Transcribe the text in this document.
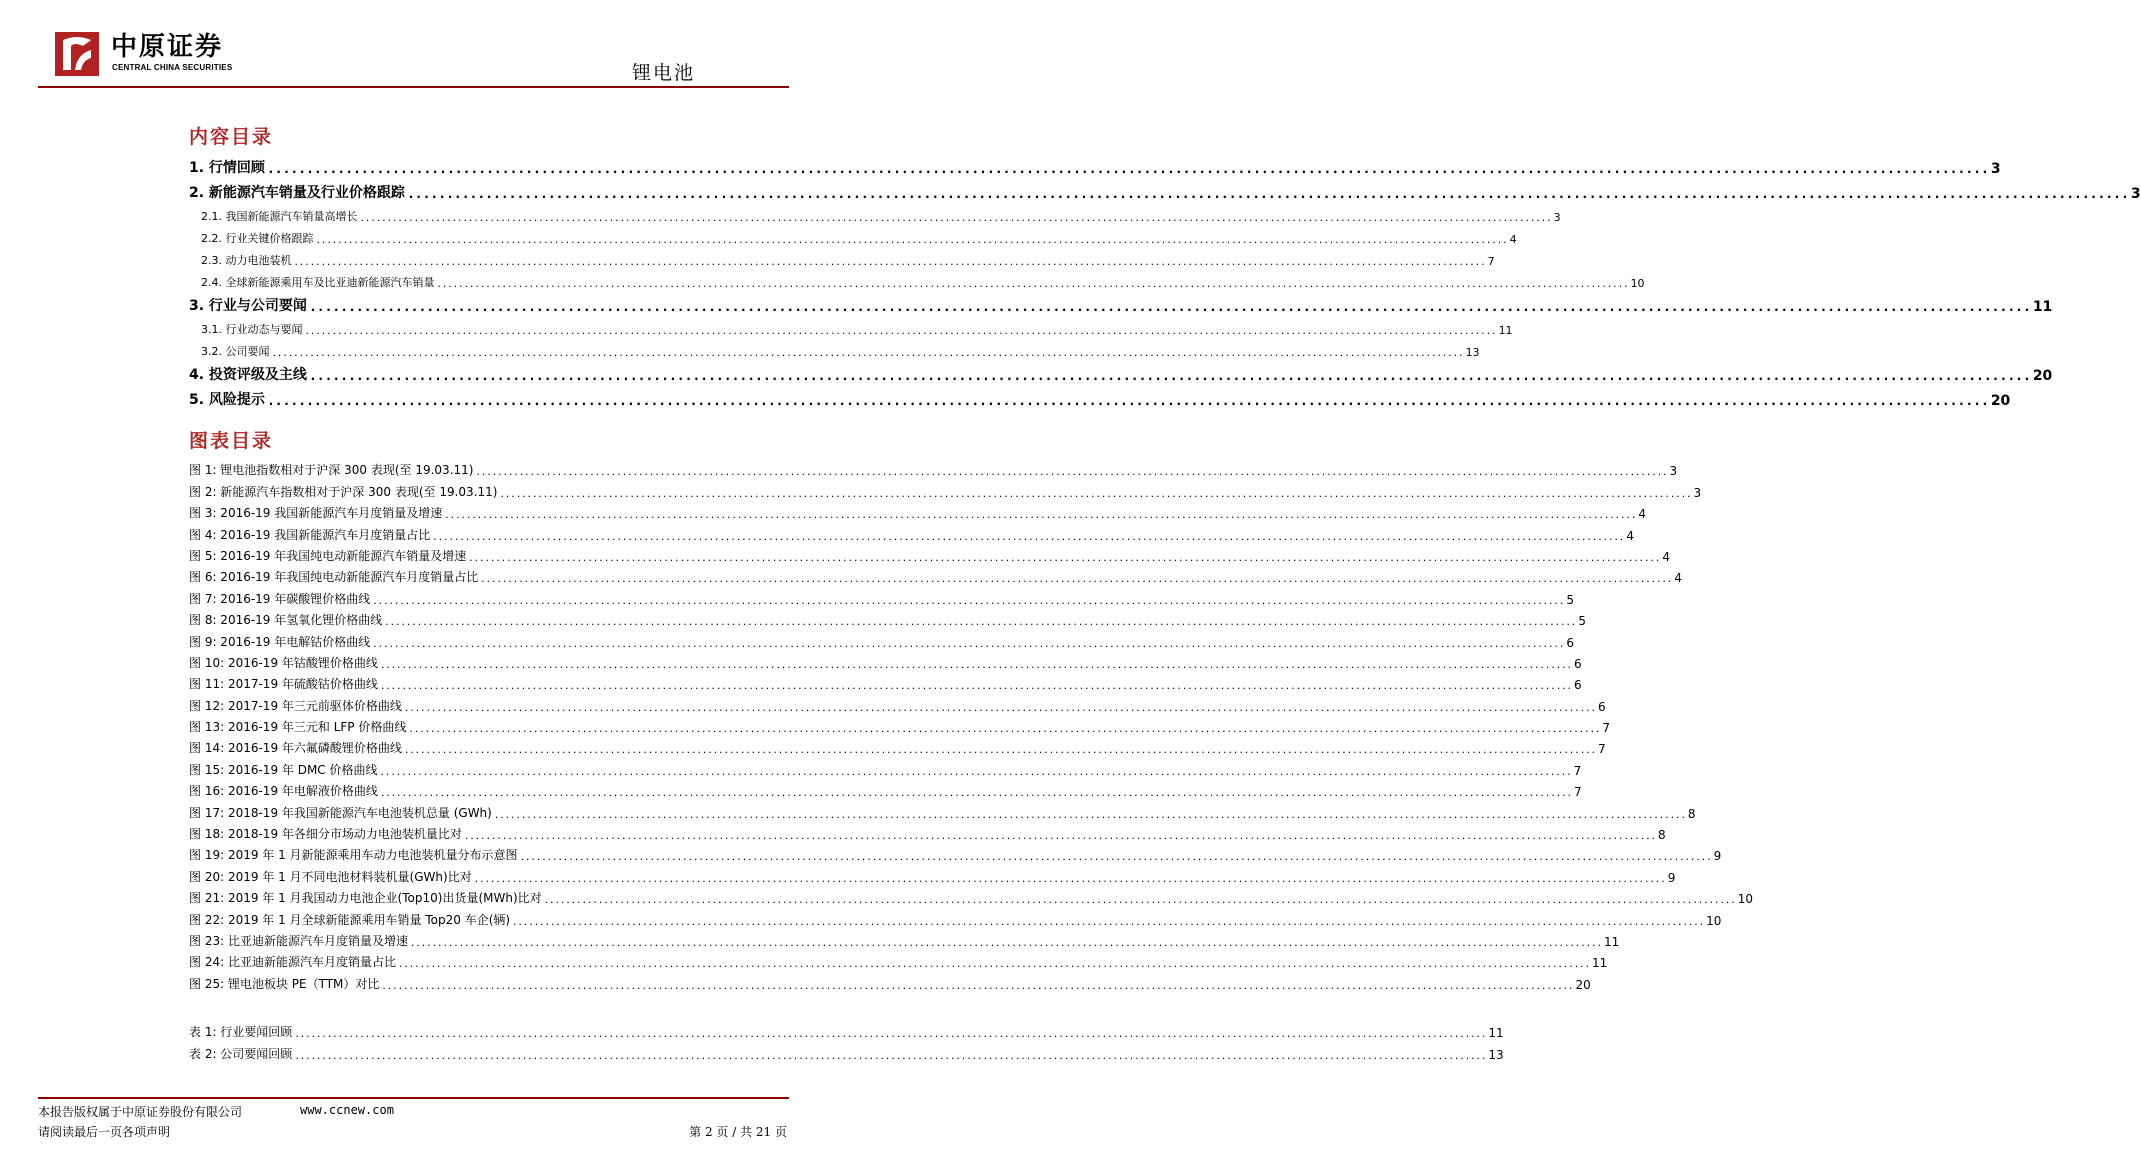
中原证券
CENTRAL CHINA SECURITIES	锂电池
内容目录
1. 行情回顾 ............................................................................................................................................................................................................................ 3
2. 新能源汽车销量及行业价格跟踪 ............................................................................................................................................................................................................................ 3
2.1. 我国新能源汽车销量高增长 ............................................................................................................................................................................................................................ 3
2.2. 行业关键价格跟踪 ............................................................................................................................................................................................................................ 4
2.3. 动力电池装机 ............................................................................................................................................................................................................................ 7
2.4. 全球新能源乘用车及比亚迪新能源汽车销量 ............................................................................................................................................................................................................................ 10
3. 行业与公司要闻 ............................................................................................................................................................................................................................ 11
3.1. 行业动态与要闻 ............................................................................................................................................................................................................................ 11
3.2. 公司要闻 ............................................................................................................................................................................................................................ 13
4. 投资评级及主线 ............................................................................................................................................................................................................................ 20
5. 风险提示 ............................................................................................................................................................................................................................ 20
图表目录
图 1: 锂电池指数相对于沪深 300 表现(至 19.03.11) ............................................................................................................................................................................................................................ 3
图 2: 新能源汽车指数相对于沪深 300 表现(至 19.03.11) ............................................................................................................................................................................................................................ 3
图 3: 2016-19 我国新能源汽车月度销量及增速 ............................................................................................................................................................................................................................ 4
图 4: 2016-19 我国新能源汽车月度销量占比 ............................................................................................................................................................................................................................ 4
图 5: 2016-19 年我国纯电动新能源汽车销量及增速 ............................................................................................................................................................................................................................ 4
图 6: 2016-19 年我国纯电动新能源汽车月度销量占比 ............................................................................................................................................................................................................................ 4
图 7: 2016-19 年碳酸锂价格曲线 ............................................................................................................................................................................................................................ 5
图 8: 2016-19 年氢氧化锂价格曲线 ............................................................................................................................................................................................................................ 5
图 9: 2016-19 年电解钴价格曲线 ............................................................................................................................................................................................................................ 6
图 10: 2016-19 年钴酸锂价格曲线 ............................................................................................................................................................................................................................ 6
图 11: 2017-19 年硫酸钴价格曲线 ............................................................................................................................................................................................................................ 6
图 12: 2017-19 年三元前驱体价格曲线 ............................................................................................................................................................................................................................ 6
图 13: 2016-19 年三元和 LFP 价格曲线 ............................................................................................................................................................................................................................ 7
图 14: 2016-19 年六氟磷酸锂价格曲线 ............................................................................................................................................................................................................................ 7
图 15: 2016-19 年 DMC 价格曲线 ............................................................................................................................................................................................................................ 7
图 16: 2016-19 年电解液价格曲线 ............................................................................................................................................................................................................................ 7
图 17: 2018-19 年我国新能源汽车电池装机总量 (GWh) ............................................................................................................................................................................................................................ 8
图 18: 2018-19 年各细分市场动力电池装机量比对 ............................................................................................................................................................................................................................ 8
图 19: 2019 年 1 月新能源乘用车动力电池装机量分布示意图 ............................................................................................................................................................................................................................ 9
图 20: 2019 年 1 月不同电池材料装机量(GWh)比对 ............................................................................................................................................................................................................................ 9
图 21: 2019 年 1 月我国动力电池企业(Top10)出货量(MWh)比对 ............................................................................................................................................................................................................................ 10
图 22: 2019 年 1 月全球新能源乘用车销量 Top20 车企(辆) ............................................................................................................................................................................................................................ 10
图 23: 比亚迪新能源汽车月度销量及增速 ............................................................................................................................................................................................................................ 11
图 24: 比亚迪新能源汽车月度销量占比 ............................................................................................................................................................................................................................ 11
图 25: 锂电池板块 PE（TTM）对比 ............................................................................................................................................................................................................................ 20
表 1: 行业要闻回顾 ............................................................................................................................................................................................................................ 11
表 2: 公司要闻回顾 ............................................................................................................................................................................................................................ 13
本报告版权属于中原证券股份有限公司	www.ccnew.com
请阅读最后一页各项声明	第 2 页 / 共 21 页
